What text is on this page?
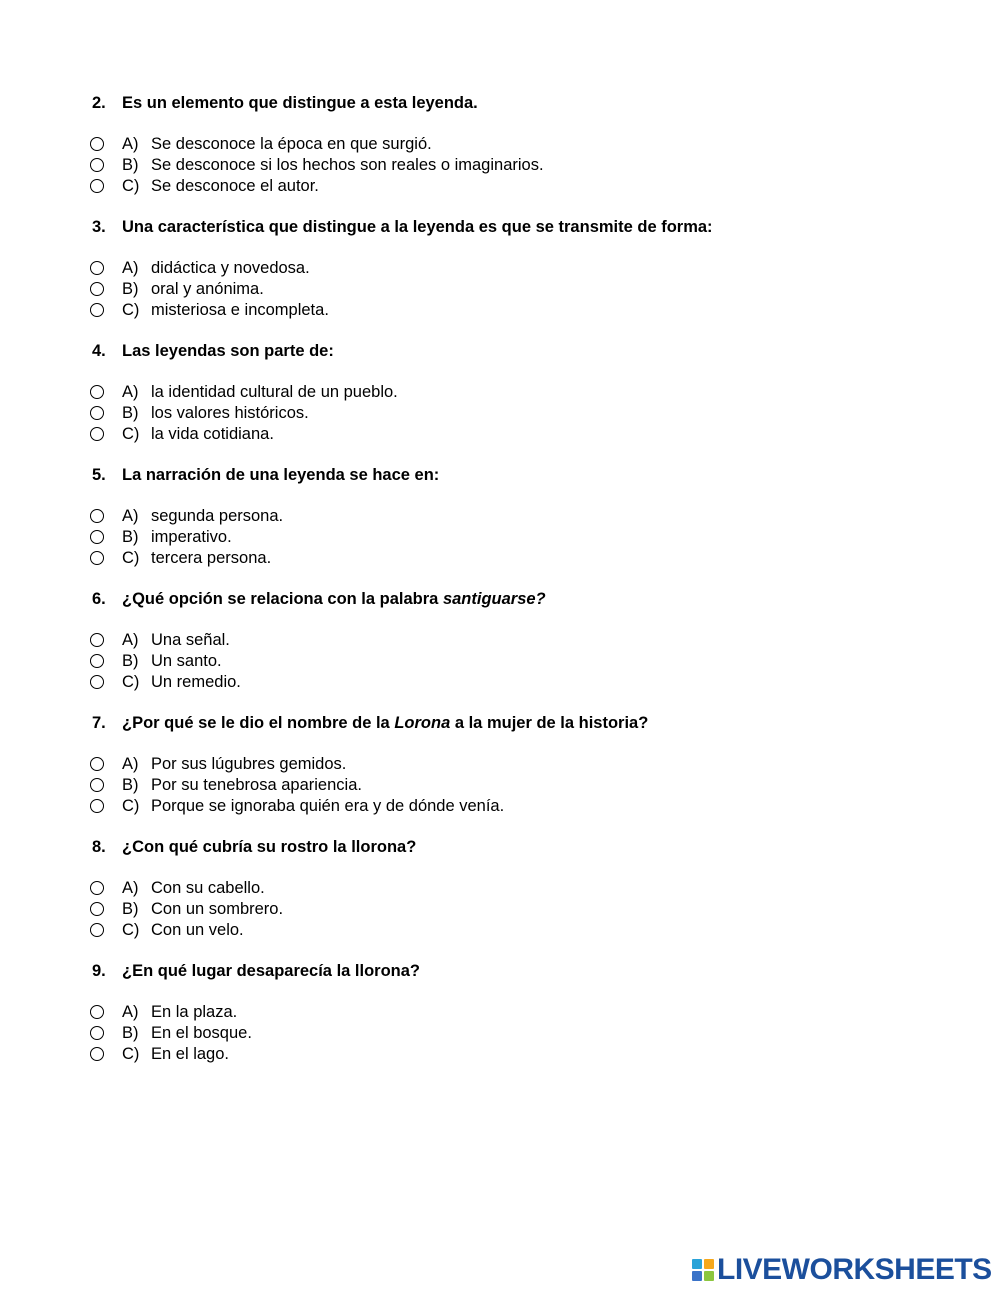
2. Es un elemento que distingue a esta leyenda.
A) Se desconoce la época en que surgió.
B) Se desconoce si los hechos son reales o imaginarios.
C) Se desconoce el autor.
3. Una característica que distingue a la leyenda es que se transmite de forma:
A) didáctica y novedosa.
B) oral y anónima.
C) misteriosa e incompleta.
4. Las leyendas son parte de:
A) la identidad cultural de un pueblo.
B) los valores históricos.
C) la vida cotidiana.
5. La narración de una leyenda se hace en:
A) segunda persona.
B) imperativo.
C) tercera persona.
6. ¿Qué opción se relaciona con la palabra santiguarse?
A) Una señal.
B) Un santo.
C) Un remedio.
7. ¿Por qué se le dio el nombre de la Lorona a la mujer de la historia?
A) Por sus lúgubres gemidos.
B) Por su tenebrosa apariencia.
C) Porque se ignoraba quién era y de dónde venía.
8. ¿Con qué cubría su rostro la llorona?
A) Con su cabello.
B) Con un sombrero.
C) Con un velo.
9. ¿En qué lugar desaparecía la llorona?
A) En la plaza.
B) En el bosque.
C) En el lago.
LIVEWORKSHEETS
